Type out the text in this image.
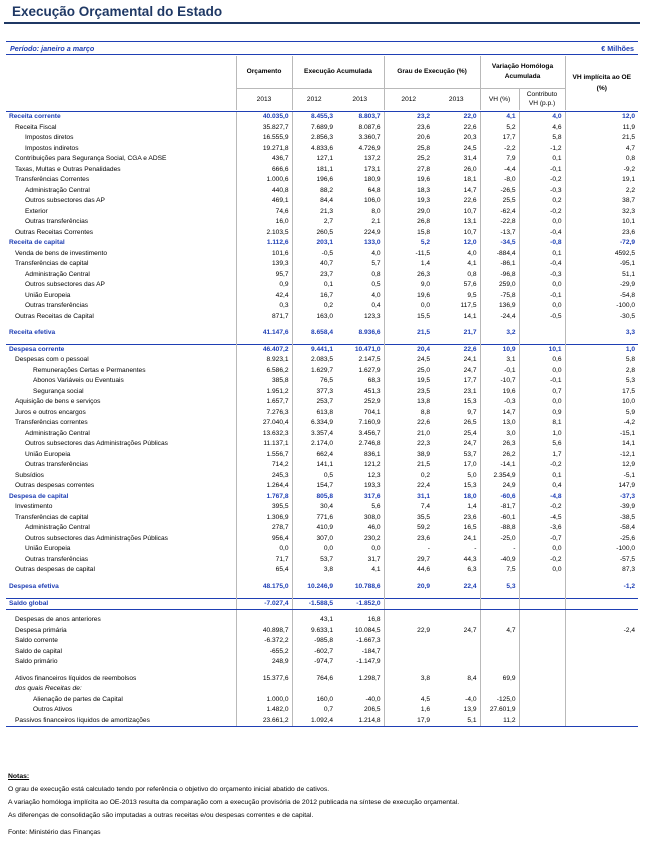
Execução Orçamental do Estado
Período: janeiro a março	€ Milhões
	Orçamento	Execução Acumulada		Grau de Execução (%)		Variação Homóloga Acumulada		VH implícita ao OE (%)
	2013	2012	2013	2012	2013	VH (%)	Contributo VH (p.p.)	
Receita corrente	40.035,0	8.455,3	8.803,7	23,2	22,0	4,1	4,0	12,0
Receita Fiscal	35.827,7	7.689,9	8.087,6	23,6	22,6	5,2	4,6	11,9
Impostos diretos	16.555,9	2.856,3	3.360,7	20,6	20,3	17,7	5,8	21,5
Impostos indiretos	19.271,8	4.833,6	4.726,9	25,8	24,5	-2,2	-1,2	4,7
Contribuições para Segurança Social, CGA e ADSE	436,7	127,1	137,2	25,2	31,4	7,9	0,1	0,8
Taxas, Multas e Outras Penalidades	666,6	181,1	173,1	27,8	26,0	-4,4	-0,1	-9,2
Transferências Correntes	1.000,6	196,6	180,9	19,6	18,1	-8,0	-0,2	19,1
Administração Central	440,8	88,2	64,8	18,3	14,7	-26,5	-0,3	2,2
Outros subsectores das AP	469,1	84,4	106,0	19,3	22,6	25,5	0,2	38,7
Exterior	74,6	21,3	8,0	29,0	10,7	-62,4	-0,2	32,3
Outras transferências	16,0	2,7	2,1	26,8	13,1	-22,8	0,0	10,1
Outras Receitas Correntes	2.103,5	260,5	224,9	15,8	10,7	-13,7	-0,4	23,6
Receita de capital	1.112,6	203,1	133,0	5,2	12,0	-34,5	-0,8	-72,9
Venda de bens de investimento	101,6	-0,5	4,0	-11,5	4,0	-884,4	0,1	4592,5
Transferências de capital	139,3	40,7	5,7	1,4	4,1	-86,1	-0,4	-95,1
Administração Central	95,7	23,7	0,8	26,3	0,8	-96,8	-0,3	51,1
Outros subsectores das AP	0,9	0,1	0,5	9,0	57,6	259,0	0,0	-29,9
União Europeia	42,4	16,7	4,0	19,6	9,5	-75,8	-0,1	-54,8
Outras transferências	0,3	0,2	0,4	0,0	117,5	136,9	0,0	-100,0
Outras Receitas de Capital	871,7	163,0	123,3	15,5	14,1	-24,4	-0,5	-30,5

Receita efetiva	41.147,6	8.658,4	8.936,6	21,5	21,7	3,2		3,3

Despesa corrente	46.407,2	9.441,1	10.471,0	20,4	22,6	10,9	10,1	1,0
Despesas com o pessoal	8.923,1	2.083,5	2.147,5	24,5	24,1	3,1	0,6	5,8
Remunerações Certas e Permanentes	6.586,2	1.629,7	1.627,9	25,0	24,7	-0,1	0,0	2,8
Abonos Variáveis ou Eventuais	385,8	76,5	68,3	19,5	17,7	-10,7	-0,1	5,3
Segurança social	1.951,2	377,3	451,3	23,5	23,1	19,6	0,7	17,5
Aquisição de bens e serviços	1.657,7	253,7	252,9	13,8	15,3	-0,3	0,0	10,0
Juros e outros encargos	7.276,3	613,8	704,1	8,8	9,7	14,7	0,9	5,9
Transferências correntes	27.040,4	6.334,9	7.160,9	22,6	26,5	13,0	8,1	-4,2
Administração Central	13.632,3	3.357,4	3.456,7	21,0	25,4	3,0	1,0	-15,1
Outros subsectores das Administrações Públicas	11.137,1	2.174,0	2.746,8	22,3	24,7	26,3	5,6	14,1
União Europeia	1.556,7	662,4	836,1	38,9	53,7	26,2	1,7	-12,1
Outras transferências	714,2	141,1	121,2	21,5	17,0	-14,1	-0,2	12,9
Subsídios	245,3	0,5	12,3	0,2	5,0	2.354,9	0,1	-5,1
Outras despesas correntes	1.264,4	154,7	193,3	22,4	15,3	24,9	0,4	147,9
Despesa de capital	1.767,8	805,8	317,6	31,1	18,0	-60,6	-4,8	-37,3
Investimento	395,5	30,4	5,6	7,4	1,4	-81,7	-0,2	-39,9
Transferências de capital	1.306,9	771,6	308,0	35,5	23,6	-60,1	-4,5	-38,5
Administração Central	278,7	410,9	46,0	59,2	16,5	-88,8	-3,6	-58,4
Outros subsectores das Administrações Públicas	956,4	307,0	230,2	23,6	24,1	-25,0	-0,7	-25,6
União Europeia	0,0	0,0	0,0	-	-	-	0,0	-100,0
Outras transferências	71,7	53,7	31,7	29,7	44,3	-40,9	-0,2	-57,5
Outras despesas de capital	65,4	3,8	4,1	44,6	6,3	7,5	0,0	87,3

Despesa efetiva	48.175,0	10.246,9	10.788,6	20,9	22,4	5,3		-1,2

Saldo global	-7.027,4	-1.588,5	-1.852,0					

Despesas de anos anteriores		43,1	16,8					
Despesa primária	40.898,7	9.633,1	10.084,5	22,9	24,7	4,7		-2,4
Saldo corrente	-6.372,2	-985,8	-1.667,3					
Saldo de capital	-655,2	-602,7	-184,7					
Saldo primário	248,9	-974,7	-1.147,9					

Ativos financeiros líquidos de reembolsos	15.377,6	764,6	1.298,7	3,8	8,4	69,9		
dos quais Receitas de:								
Alienação de partes de Capital	1.000,0	160,0	-40,0	4,5	-4,0	-125,0		
Outros Ativos	1.482,0	0,7	206,5	1,6	13,9	27.601,9		
Passivos financeiros líquidos de amortizações	23.661,2	1.092,4	1.214,8	17,9	5,1	11,2		
Notas:
O grau de execução está calculado tendo por referência o objetivo do orçamento inicial abatido de cativos.
A variação homóloga implícita ao OE-2013 resulta da comparação com a execução provisória de 2012 publicada na síntese de execução orçamental.
As diferenças de consolidação são imputadas a outras receitas e/ou despesas correntes e de capital.
Fonte: Ministério das Finanças
